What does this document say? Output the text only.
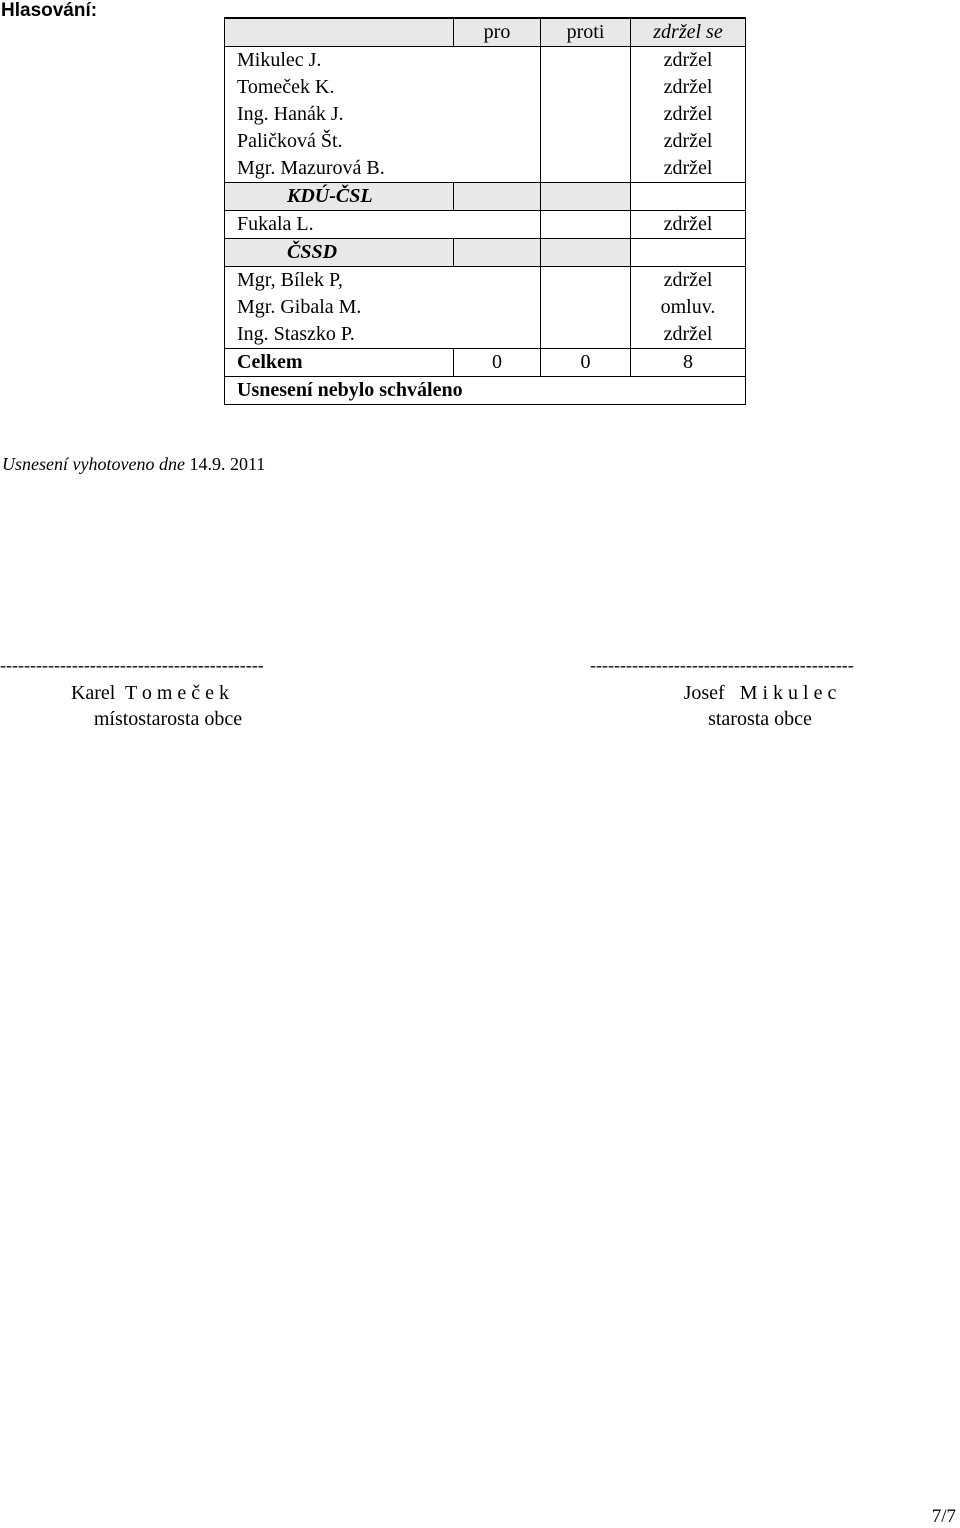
Hlasování:
	pro	proti	zdržel se
Mikulec J.			zdržel
Tomeček K.			zdržel
Ing. Hanák J.			zdržel
Paličková Št.			zdržel
Mgr. Mazurová B.			zdržel
KDÚ-ČSL			
Fukala L.			zdržel
ČSSD			
Mgr, Bílek P,			zdržel
Mgr. Gibala M.			omluv.
Ing. Staszko P.			zdržel
Celkem	0	0	8
Usnesení nebylo schváleno			
Usnesení vyhotoveno dne 14.9. 2011
--------------------------------------------	--------------------------------------------
Karel  T o m e č e k
místostarosta obce
Josef   M i k u l e c
starosta obce
7/7
